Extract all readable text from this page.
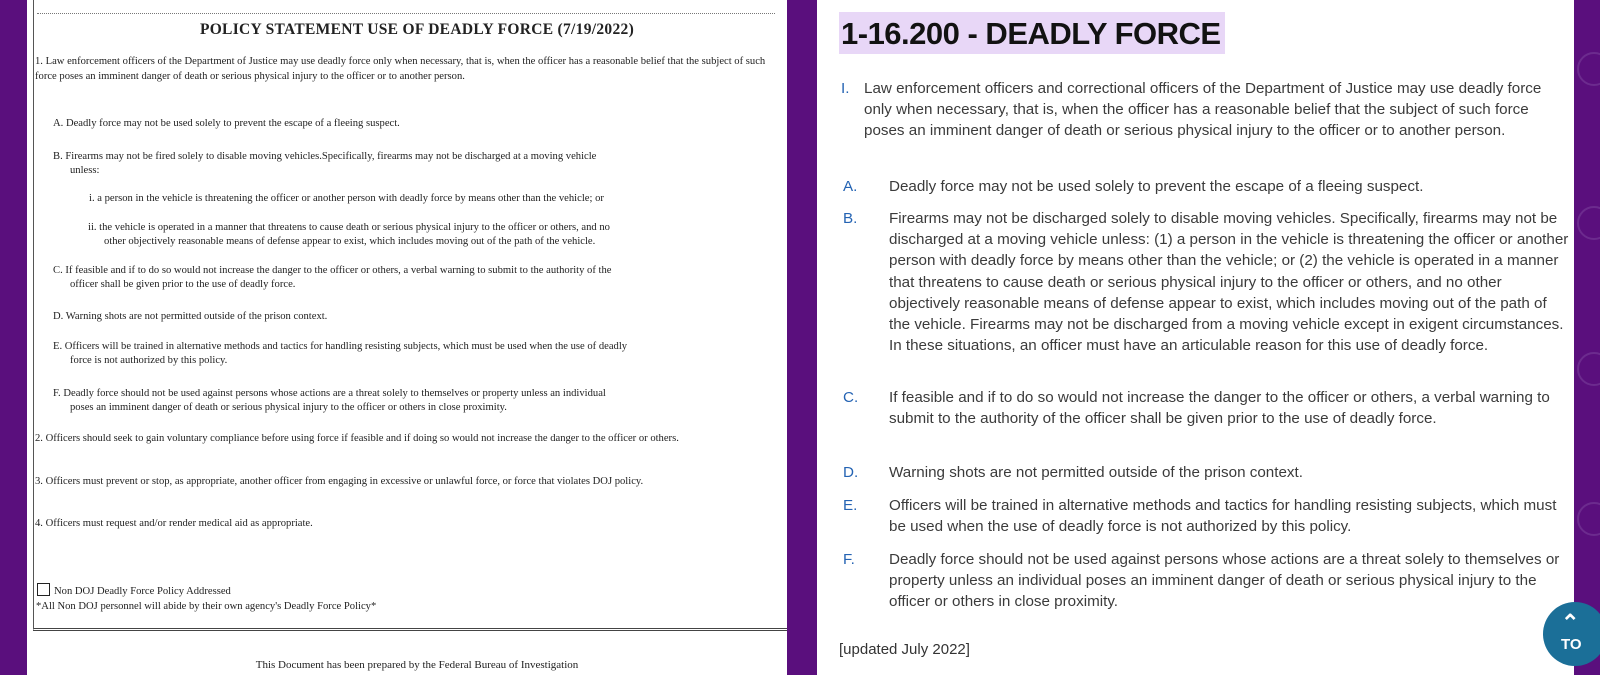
POLICY STATEMENT USE OF DEADLY FORCE (7/19/2022)

1. Law enforcement officers of the Department of Justice may use deadly force only when necessary, that is, when the officer has a reasonable belief that the subject of such force poses an imminent danger of death or serious physical injury to the officer or to another person.

A. Deadly force may not be used solely to prevent the escape of a fleeing suspect.

B. Firearms may not be fired solely to disable moving vehicles.Specifically, firearms may not be discharged at a moving vehicle

unless:

i. a person in the vehicle is threatening the officer or another person with deadly force by means other than the vehicle; or

ii. the vehicle is operated in a manner that threatens to cause death or serious physical injury to the officer or others, and no

other objectively reasonable means of defense appear to exist, which includes moving out of the path of the vehicle.

C. If feasible and if to do so would not increase the danger to the officer or others, a verbal warning to submit to the authority of the

officer shall be given prior to the use of deadly force.

D. Warning shots are not permitted outside of the prison context.

E. Officers will be trained in alternative methods and tactics for handling resisting subjects, which must be used when the use of deadly

force is not authorized by this policy.

F. Deadly force should not be used against persons whose actions are a threat solely to themselves or property unless an individual

poses an imminent danger of death or serious physical injury to the officer or others in close proximity.

2. Officers should seek to gain voluntary compliance before using force if feasible and if doing so would not increase the danger to the officer or others.

3. Officers must prevent or stop, as appropriate, another officer from engaging in excessive or unlawful force, or force that violates DOJ policy.

4. Officers must request and/or render medical aid as appropriate.

Non DOJ Deadly Force Policy Addressed

*All Non DOJ personnel will abide by their own agency's Deadly Force Policy*

This Document has been prepared by the Federal Bureau of Investigation
1-16.200 - DEADLY FORCE
I. Law enforcement officers and correctional officers of the Department of Justice may use deadly force only when necessary, that is, when the officer has a reasonable belief that the subject of such force poses an imminent danger of death or serious physical injury to the officer or to another person.

A. Deadly force may not be used solely to prevent the escape of a fleeing suspect.

B. Firearms may not be discharged solely to disable moving vehicles. Specifically, firearms may not be discharged at a moving vehicle unless: (1) a person in the vehicle is threatening the officer or another person with deadly force by means other than the vehicle; or (2) the vehicle is operated in a manner that threatens to cause death or serious physical injury to the officer or others, and no other objectively reasonable means of defense appear to exist, which includes moving out of the path of the vehicle. Firearms may not be discharged from a moving vehicle except in exigent circumstances. In these situations, an officer must have an articulable reason for this use of deadly force.

C. If feasible and if to do so would not increase the danger to the officer or others, a verbal warning to submit to the authority of the officer shall be given prior to the use of deadly force.

D. Warning shots are not permitted outside of the prison context.

E. Officers will be trained in alternative methods and tactics for handling resisting subjects, which must be used when the use of deadly force is not authorized by this policy.

F. Deadly force should not be used against persons whose actions are a threat solely to themselves or property unless an individual poses an imminent danger of death or serious physical injury to the officer or others in close proximity.

[updated July 2022]
⌃
TO
